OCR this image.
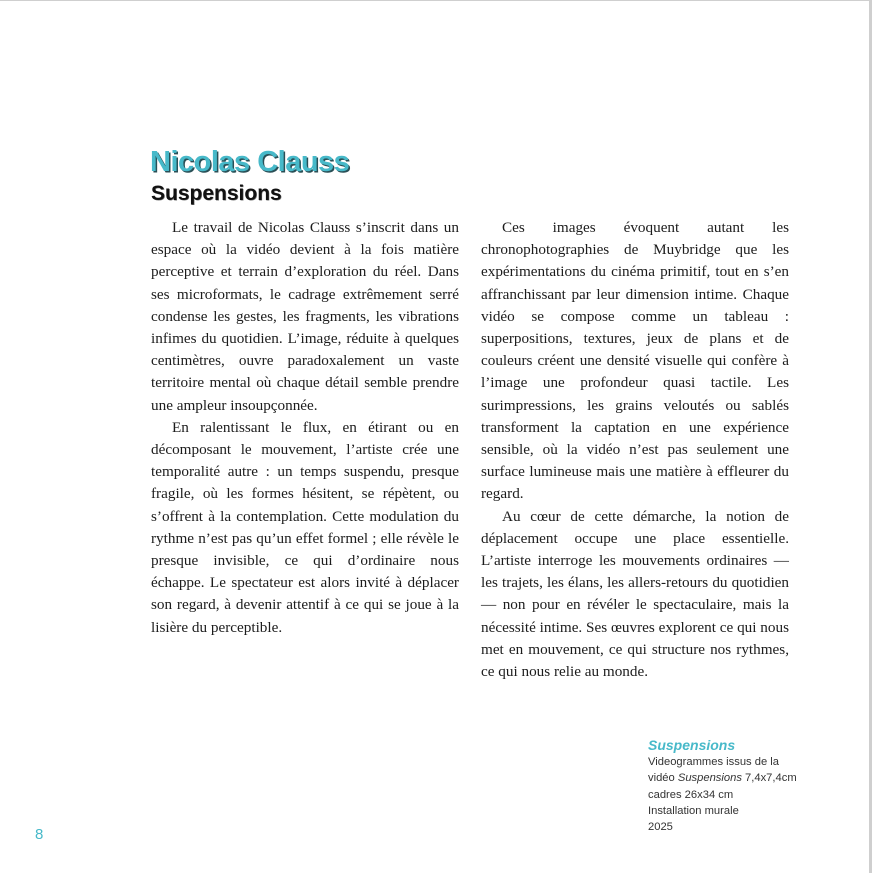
Nicolas Clauss
Suspensions

Le travail de Nicolas Clauss s’inscrit dans un espace où la vidéo devient à la fois matière perceptive et terrain d’exploration du réel. Dans ses microformats, le cadrage extrêmement serré condense les gestes, les fragments, les vibrations infimes du quotidien. L’image, réduite à quelques centimètres, ouvre paradoxalement un vaste territoire mental où chaque détail semble prendre une ampleur insoupçonnée.

En ralentissant le flux, en étirant ou en décomposant le mouvement, l’artiste crée une temporalité autre : un temps suspendu, presque fragile, où les formes hésitent, se répètent, ou s’offrent à la contemplation. Cette modulation du rythme n’est pas qu’un effet formel ; elle révèle le presque invisible, ce qui d’ordinaire nous échappe. Le spectateur est alors invité à déplacer son regard, à devenir attentif à ce qui se joue à la lisière du perceptible.

Ces images évoquent autant les chronophotographies de Muybridge que les expérimentations du cinéma primitif, tout en s’en affranchissant par leur dimension intime. Chaque vidéo se compose comme un tableau : superpositions, textures, jeux de plans et de couleurs créent une densité visuelle qui confère à l’image une profondeur quasi tactile. Les surimpressions, les grains veloutés ou sablés transforment la captation en une expérience sensible, où la vidéo n’est pas seulement une surface lumineuse mais une matière à effleurer du regard.

Au cœur de cette démarche, la notion de déplacement occupe une place essentielle. L’artiste interroge les mouvements ordinaires — les trajets, les élans, les allers-retours du quotidien — non pour en révéler le spectaculaire, mais la nécessité intime. Ses œuvres explorent ce qui nous met en mouvement, ce qui structure nos rythmes, ce qui nous relie au monde.

Suspensions
Videogrammes issus de la
vidéo Suspensions 7,4x7,4cm
cadres 26x34 cm
Installation murale
2025
8
